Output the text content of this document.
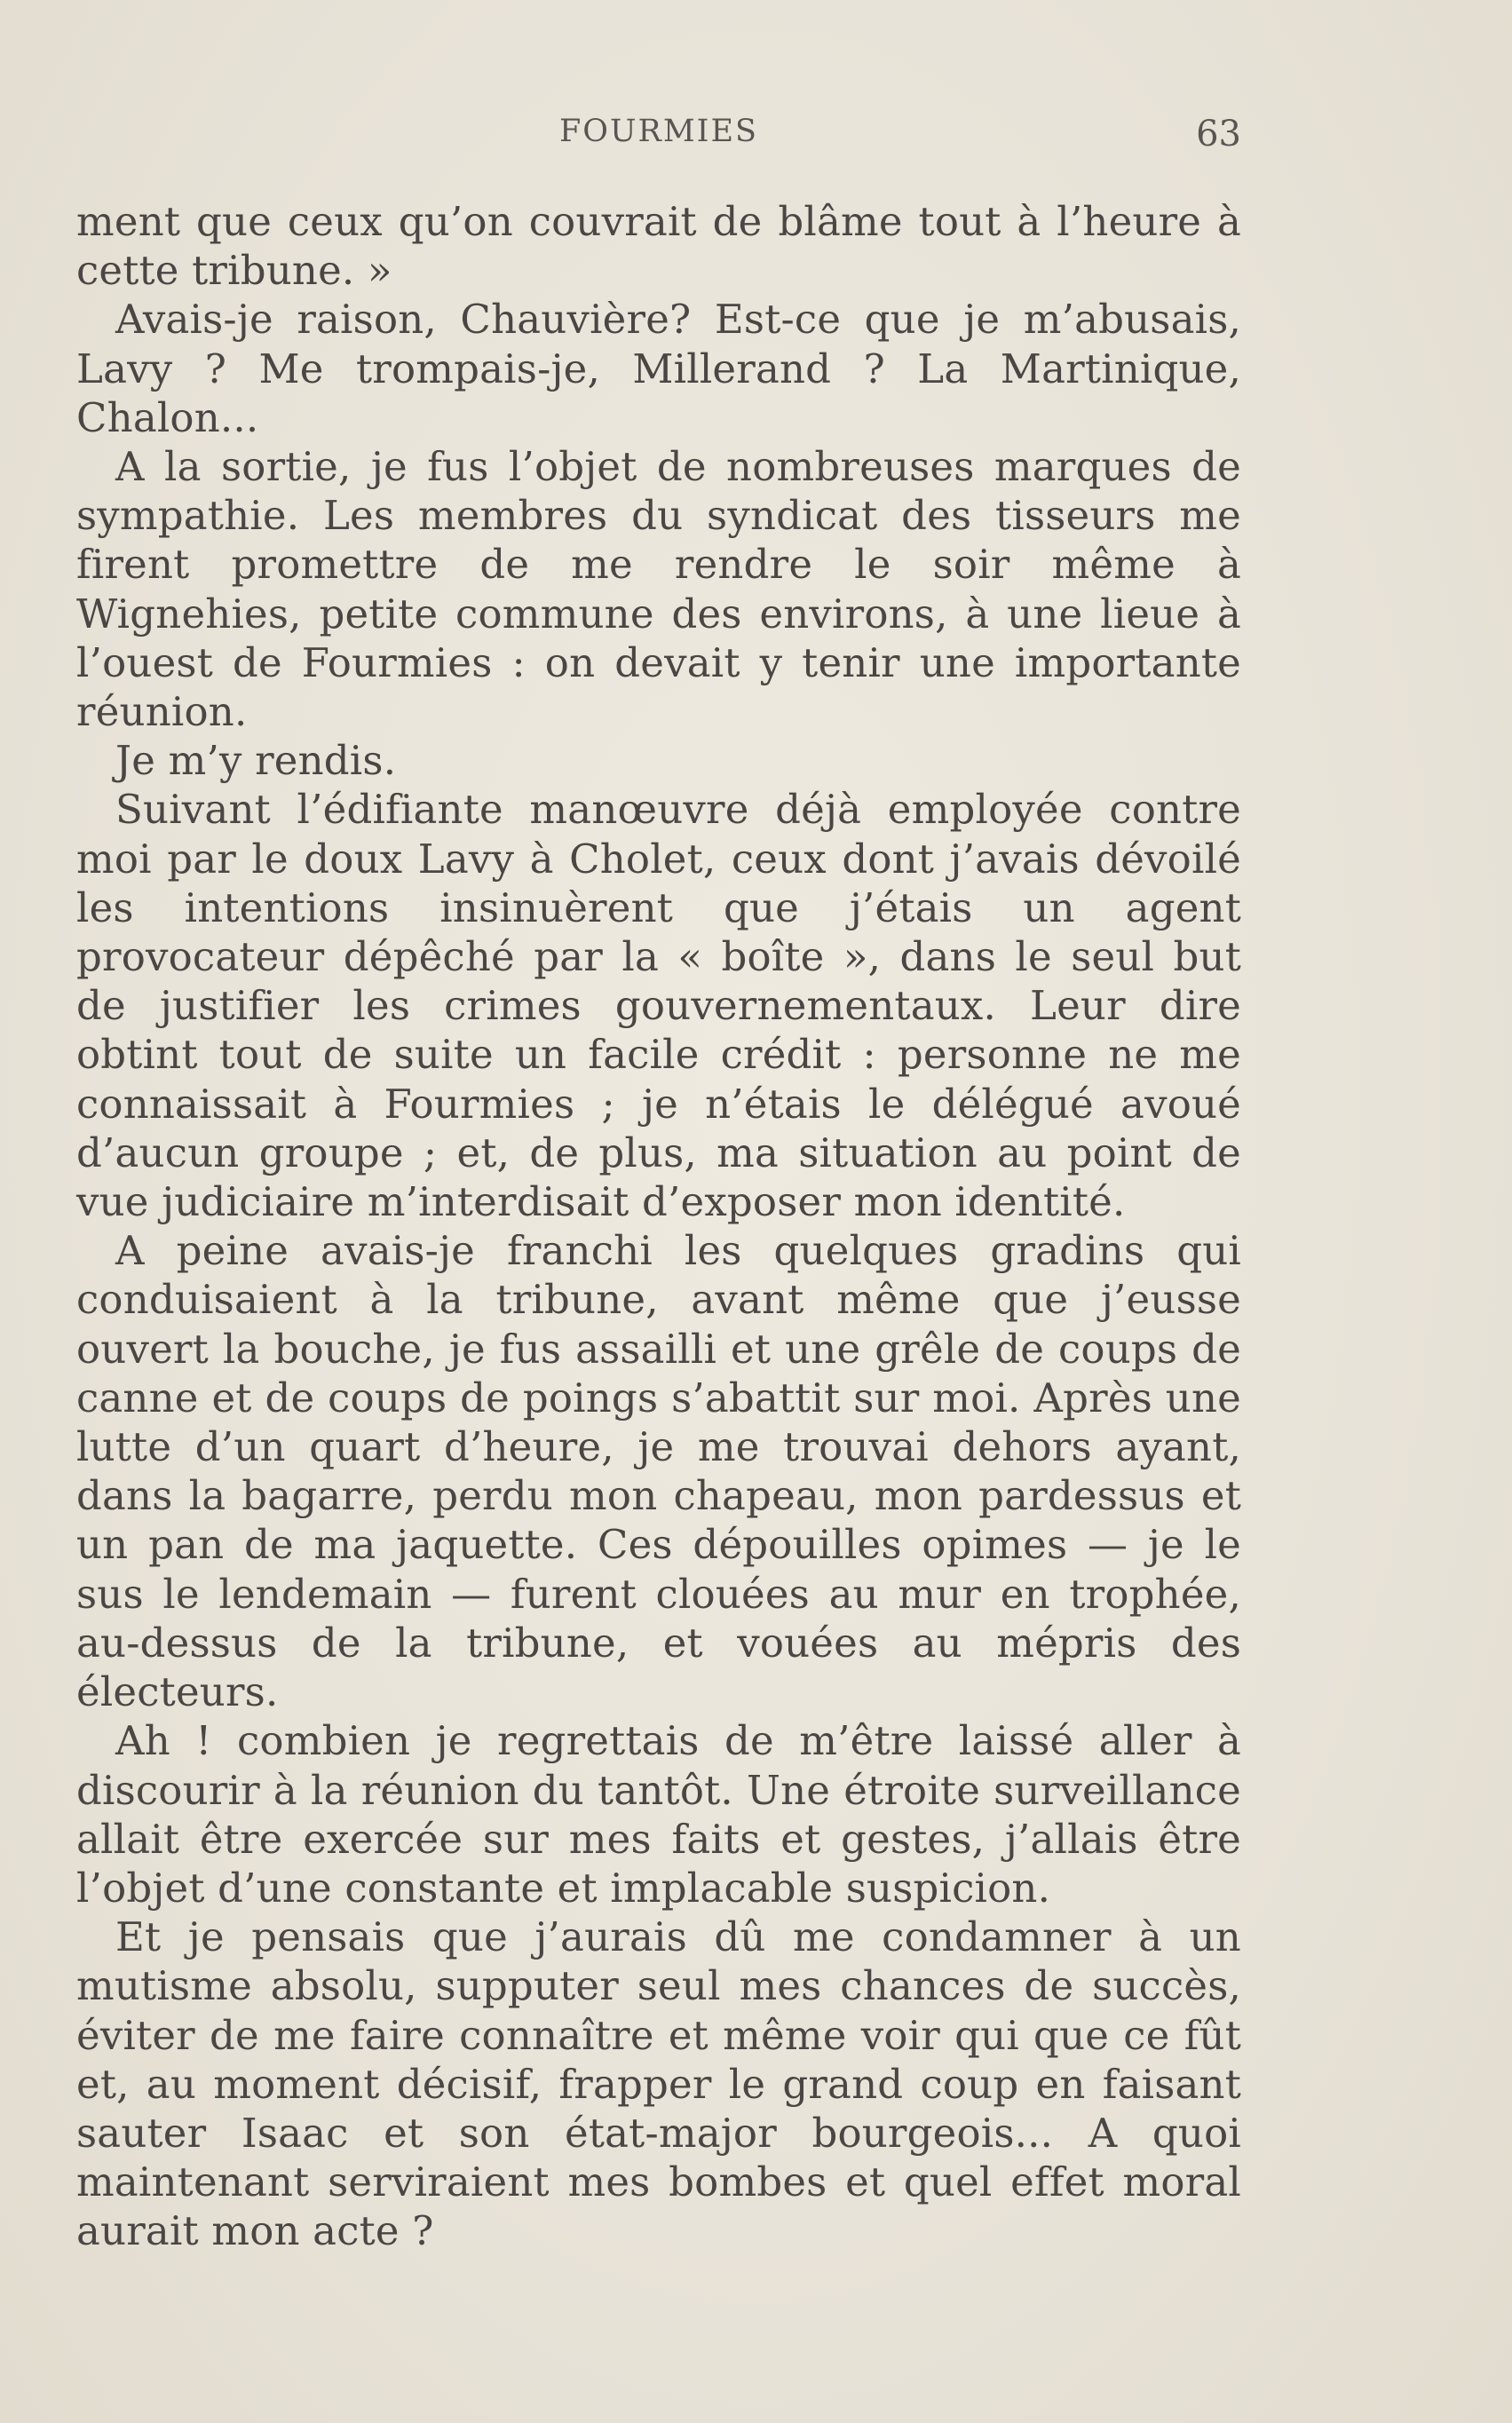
FOURMIES	63

ment que ceux qu’on couvrait de blâme tout à l’heure à cette tribune. »

Avais-je raison, Chauvière? Est-ce que je m’abusais, Lavy ? Me trompais-je, Millerand ? La Martinique, Chalon...

A la sortie, je fus l’objet de nombreuses marques de sympathie. Les membres du syndicat des tisseurs me firent promettre de me rendre le soir même à Wignehies, petite commune des environs, à une lieue à l’ouest de Fourmies : on devait y tenir une importante réunion.

Je m’y rendis.

Suivant l’édifiante manœuvre déjà employée contre moi par le doux Lavy à Cholet, ceux dont j’avais dévoilé les intentions insinuèrent que j’étais un agent provocateur dépêché par la « boîte », dans le seul but de justifier les crimes gouvernementaux. Leur dire obtint tout de suite un facile crédit : personne ne me connaissait à Fourmies ; je n’étais le délégué avoué d’aucun groupe ; et, de plus, ma situation au point de vue judiciaire m’interdisait d’exposer mon identité.

A peine avais-je franchi les quelques gradins qui conduisaient à la tribune, avant même que j’eusse ouvert la bouche, je fus assailli et une grêle de coups de canne et de coups de poings s’abattit sur moi. Après une lutte d’un quart d’heure, je me trouvai dehors ayant, dans la bagarre, perdu mon chapeau, mon pardessus et un pan de ma jaquette. Ces dépouilles opimes — je le sus le lendemain — furent clouées au mur en trophée, au-dessus de la tribune, et vouées au mépris des électeurs.

Ah ! combien je regrettais de m’être laissé aller à discourir à la réunion du tantôt. Une étroite surveillance allait être exercée sur mes faits et gestes, j’allais être l’objet d’une constante et implacable suspicion.

Et je pensais que j’aurais dû me condamner à un mutisme absolu, supputer seul mes chances de succès, éviter de me faire connaître et même voir qui que ce fût et, au moment décisif, frapper le grand coup en faisant sauter Isaac et son état-major bourgeois... A quoi maintenant serviraient mes bombes et quel effet moral aurait mon acte ?
